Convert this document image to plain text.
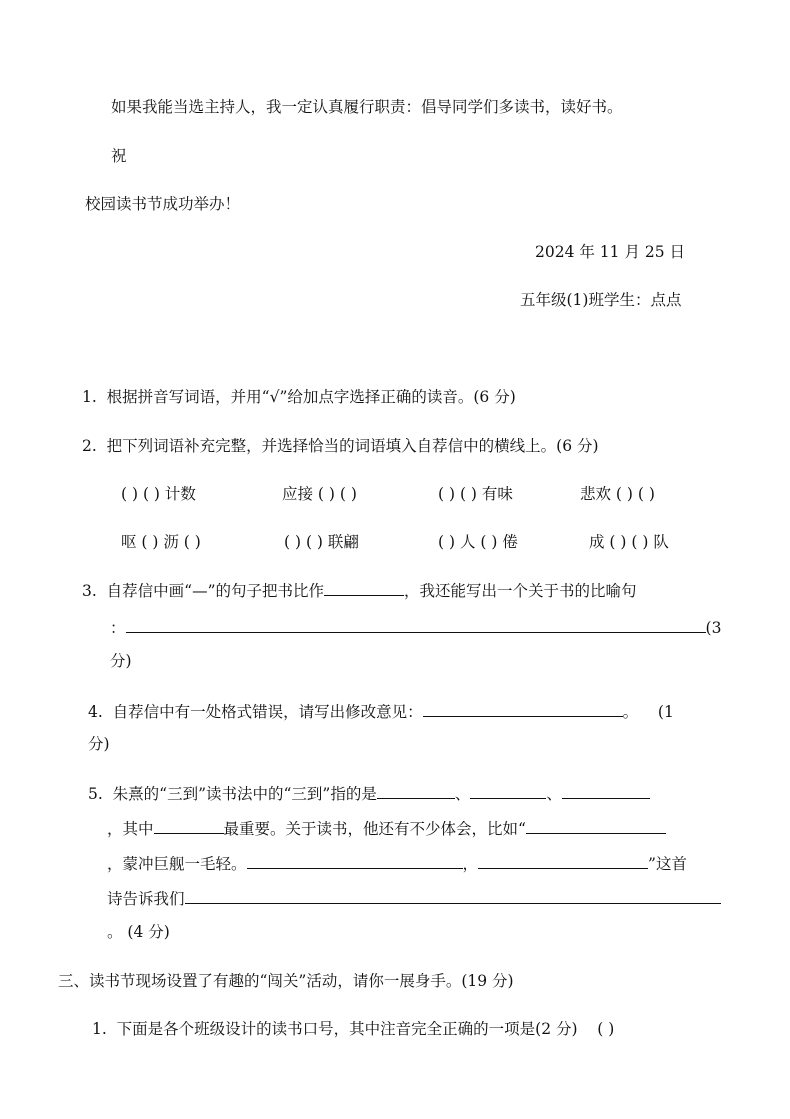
如果我能当选主持人，我一定认真履行职责：倡导同学们多读书，读好书。
祝
校园读书节成功举办！
2024 年 11 月 25 日
五年级(1)班学生：点点
1. 根据拼音写词语，并用“√”给加点字选择正确的读音。(6 分)
2. 把下列词语补充完整，并选择恰当的词语填入自荐信中的横线上。(6 分)
( ) ( ) 计数	应接 ( ) ( )	( ) ( ) 有味	悲欢 ( ) ( )
呕 ( ) 沥 ( )	( ) ( ) 联翩	( ) 人 ( ) 倦	成 ( ) ( ) 队
3. 自荐信中画“—”的句子把书比作	，我还能写出一个关于书的比喻句
：	(3
分)
4. 自荐信中有一处格式错误，请写出修改意见：	。 (1
分)
5. 朱熹的“三到”读书法中的“三到”指的是	、	、
，其中	最重要。关于读书，他还有不少体会，比如“
，蒙冲巨舰一毛轻。	，	”这首
诗告诉我们
。 (4 分)
三、读书节现场设置了有趣的“闯关”活动，请你一展身手。(19 分)
1. 下面是各个班级设计的读书口号，其中注音完全正确的一项是(2 分) ( )
